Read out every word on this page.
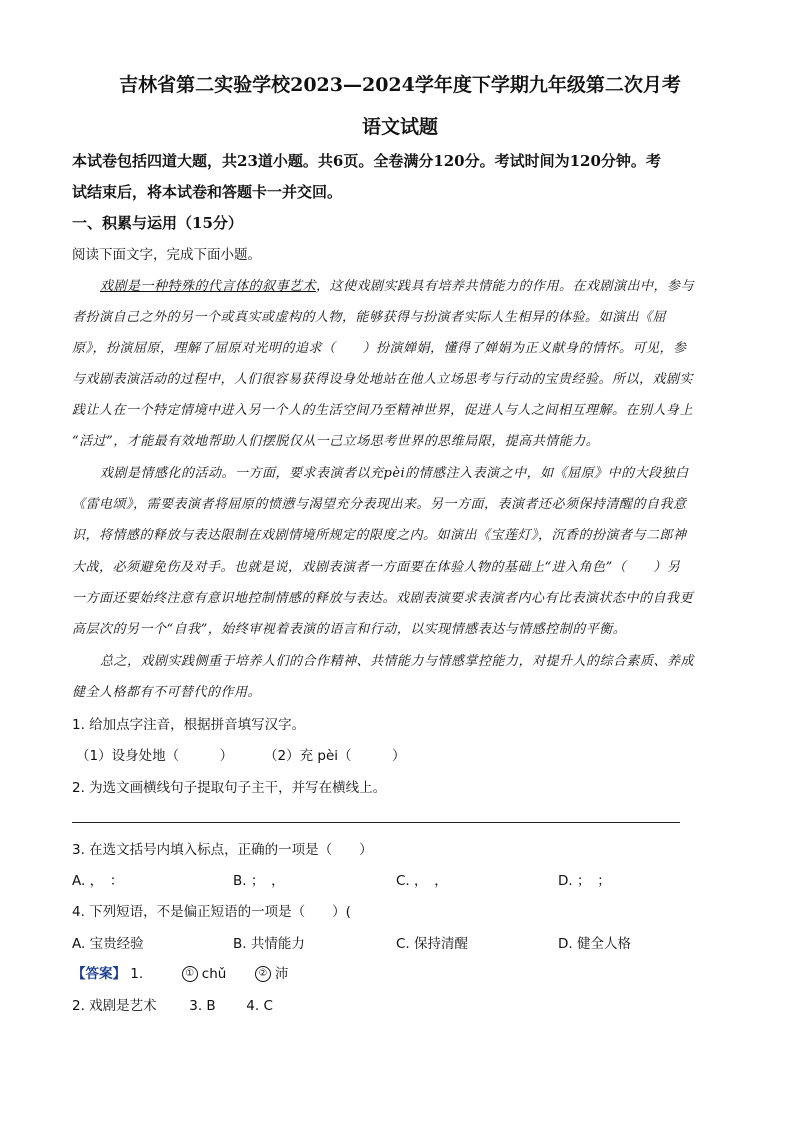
吉林省第二实验学校2023—2024学年度下学期九年级第二次月考
语文试题
本试卷包括四道大题，共23道小题。共6页。全卷满分120分。考试时间为120分钟。考
试结束后，将本试卷和答题卡一并交回。
一、积累与运用（15分）
阅读下面文字，完成下面小题。
戏剧是一种特殊的代言体的叙事艺术，这使戏剧实践具有培养共情能力的作用。在戏剧演出中，参与
者扮演自己之外的另一个或真实或虚构的人物，能够获得与扮演者实际人生相异的体验。如演出《屈
原》，扮演屈原，理解了屈原对光明的追求（　　）扮演婵娟，懂得了婵娟为正义献身的情怀。可见，参
与戏剧表演活动的过程中，人们很容易获得设身处地站在他人立场思考与行动的宝贵经验。所以，戏剧实
践让人在一个特定情境中进入另一个人的生活空间乃至精神世界，促进人与人之间相互理解。在别人身上
“活过”，才能最有效地帮助人们摆脱仅从一己立场思考世界的思维局限，提高共情能力。
戏剧是情感化的活动。一方面，要求表演者以充pèi的情感注入表演之中，如《屈原》中的大段独白
《雷电颂》，需要表演者将屈原的愤懑与渴望充分表现出来。另一方面，表演者还必须保持清醒的自我意
识，将情感的释放与表达限制在戏剧情境所规定的限度之内。如演出《宝莲灯》，沉香的扮演者与二郎神
大战，必须避免伤及对手。也就是说，戏剧表演者一方面要在体验人物的基础上“进入角色”（　　）另
一方面还要始终注意有意识地控制情感的释放与表达。戏剧表演要求表演者内心有比表演状态中的自我更
高层次的另一个“自我”，始终审视着表演的语言和行动，以实现情感表达与情感控制的平衡。
总之，戏剧实践侧重于培养人们的合作精神、共情能力与情感掌控能力，对提升人的综合素质、养成
健全人格都有不可替代的作用。
1. 给加点字注音，根据拼音填写汉字。
（1）设身处地（　　　） （2）充 pèi（　　　）
2. 为选文画横线句子提取句子主干，并写在横线上。
3. 在选文括号内填入标点，正确的一项是（　　）
A. ，　：	B. ；　，	C. ，　，	D. ；　；
4. 下列短语，不是偏正短语的一项是（　　）(
A. 宝贵经验	B. 共情能力	C. 保持清醒	D. 健全人格
【答案】 1.	① chǔ	② 沛
2. 戏剧是艺术 3. B 4. C
